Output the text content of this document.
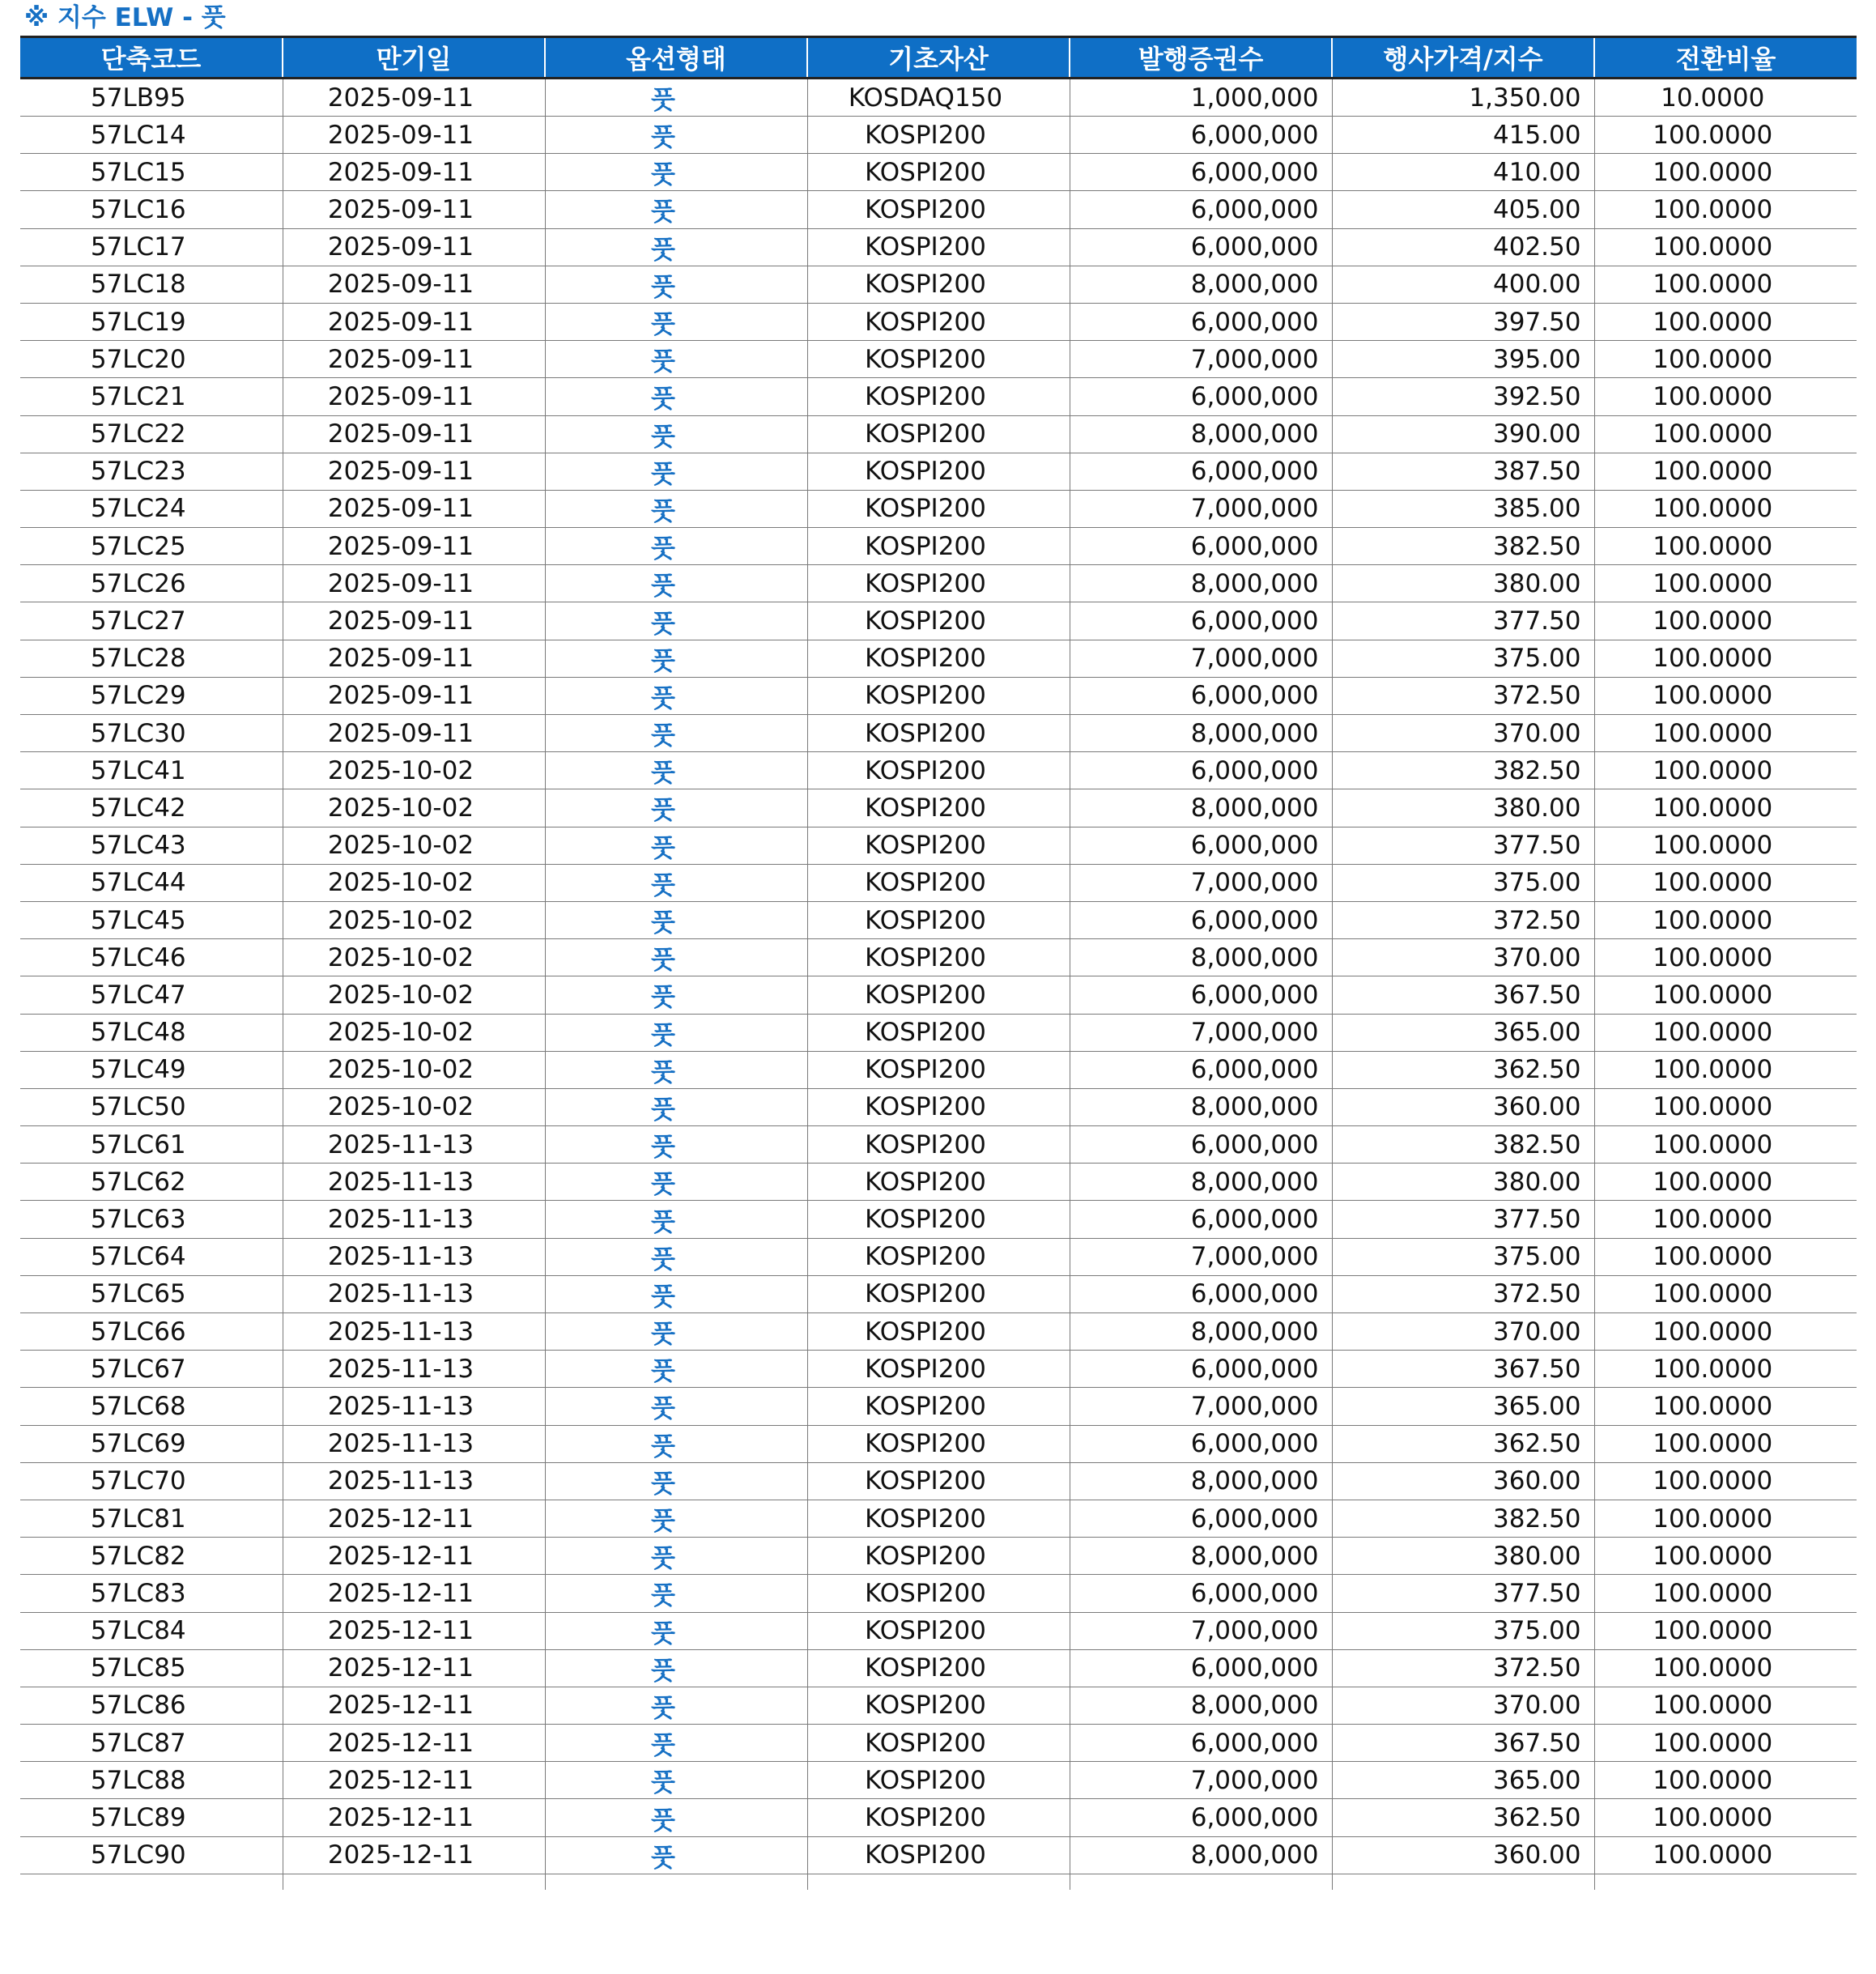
※ 지수 ELW - 풋
단축코드	만기일	옵션형태	기초자산	발행증권수	행사가격/지수	전환비율
57LB95	2025-09-11	풋	KOSDAQ150	1,000,000	1,350.00	10.0000
57LC14	2025-09-11	풋	KOSPI200	6,000,000	415.00	100.0000
57LC15	2025-09-11	풋	KOSPI200	6,000,000	410.00	100.0000
57LC16	2025-09-11	풋	KOSPI200	6,000,000	405.00	100.0000
57LC17	2025-09-11	풋	KOSPI200	6,000,000	402.50	100.0000
57LC18	2025-09-11	풋	KOSPI200	8,000,000	400.00	100.0000
57LC19	2025-09-11	풋	KOSPI200	6,000,000	397.50	100.0000
57LC20	2025-09-11	풋	KOSPI200	7,000,000	395.00	100.0000
57LC21	2025-09-11	풋	KOSPI200	6,000,000	392.50	100.0000
57LC22	2025-09-11	풋	KOSPI200	8,000,000	390.00	100.0000
57LC23	2025-09-11	풋	KOSPI200	6,000,000	387.50	100.0000
57LC24	2025-09-11	풋	KOSPI200	7,000,000	385.00	100.0000
57LC25	2025-09-11	풋	KOSPI200	6,000,000	382.50	100.0000
57LC26	2025-09-11	풋	KOSPI200	8,000,000	380.00	100.0000
57LC27	2025-09-11	풋	KOSPI200	6,000,000	377.50	100.0000
57LC28	2025-09-11	풋	KOSPI200	7,000,000	375.00	100.0000
57LC29	2025-09-11	풋	KOSPI200	6,000,000	372.50	100.0000
57LC30	2025-09-11	풋	KOSPI200	8,000,000	370.00	100.0000
57LC41	2025-10-02	풋	KOSPI200	6,000,000	382.50	100.0000
57LC42	2025-10-02	풋	KOSPI200	8,000,000	380.00	100.0000
57LC43	2025-10-02	풋	KOSPI200	6,000,000	377.50	100.0000
57LC44	2025-10-02	풋	KOSPI200	7,000,000	375.00	100.0000
57LC45	2025-10-02	풋	KOSPI200	6,000,000	372.50	100.0000
57LC46	2025-10-02	풋	KOSPI200	8,000,000	370.00	100.0000
57LC47	2025-10-02	풋	KOSPI200	6,000,000	367.50	100.0000
57LC48	2025-10-02	풋	KOSPI200	7,000,000	365.00	100.0000
57LC49	2025-10-02	풋	KOSPI200	6,000,000	362.50	100.0000
57LC50	2025-10-02	풋	KOSPI200	8,000,000	360.00	100.0000
57LC61	2025-11-13	풋	KOSPI200	6,000,000	382.50	100.0000
57LC62	2025-11-13	풋	KOSPI200	8,000,000	380.00	100.0000
57LC63	2025-11-13	풋	KOSPI200	6,000,000	377.50	100.0000
57LC64	2025-11-13	풋	KOSPI200	7,000,000	375.00	100.0000
57LC65	2025-11-13	풋	KOSPI200	6,000,000	372.50	100.0000
57LC66	2025-11-13	풋	KOSPI200	8,000,000	370.00	100.0000
57LC67	2025-11-13	풋	KOSPI200	6,000,000	367.50	100.0000
57LC68	2025-11-13	풋	KOSPI200	7,000,000	365.00	100.0000
57LC69	2025-11-13	풋	KOSPI200	6,000,000	362.50	100.0000
57LC70	2025-11-13	풋	KOSPI200	8,000,000	360.00	100.0000
57LC81	2025-12-11	풋	KOSPI200	6,000,000	382.50	100.0000
57LC82	2025-12-11	풋	KOSPI200	8,000,000	380.00	100.0000
57LC83	2025-12-11	풋	KOSPI200	6,000,000	377.50	100.0000
57LC84	2025-12-11	풋	KOSPI200	7,000,000	375.00	100.0000
57LC85	2025-12-11	풋	KOSPI200	6,000,000	372.50	100.0000
57LC86	2025-12-11	풋	KOSPI200	8,000,000	370.00	100.0000
57LC87	2025-12-11	풋	KOSPI200	6,000,000	367.50	100.0000
57LC88	2025-12-11	풋	KOSPI200	7,000,000	365.00	100.0000
57LC89	2025-12-11	풋	KOSPI200	6,000,000	362.50	100.0000
57LC90	2025-12-11	풋	KOSPI200	8,000,000	360.00	100.0000
